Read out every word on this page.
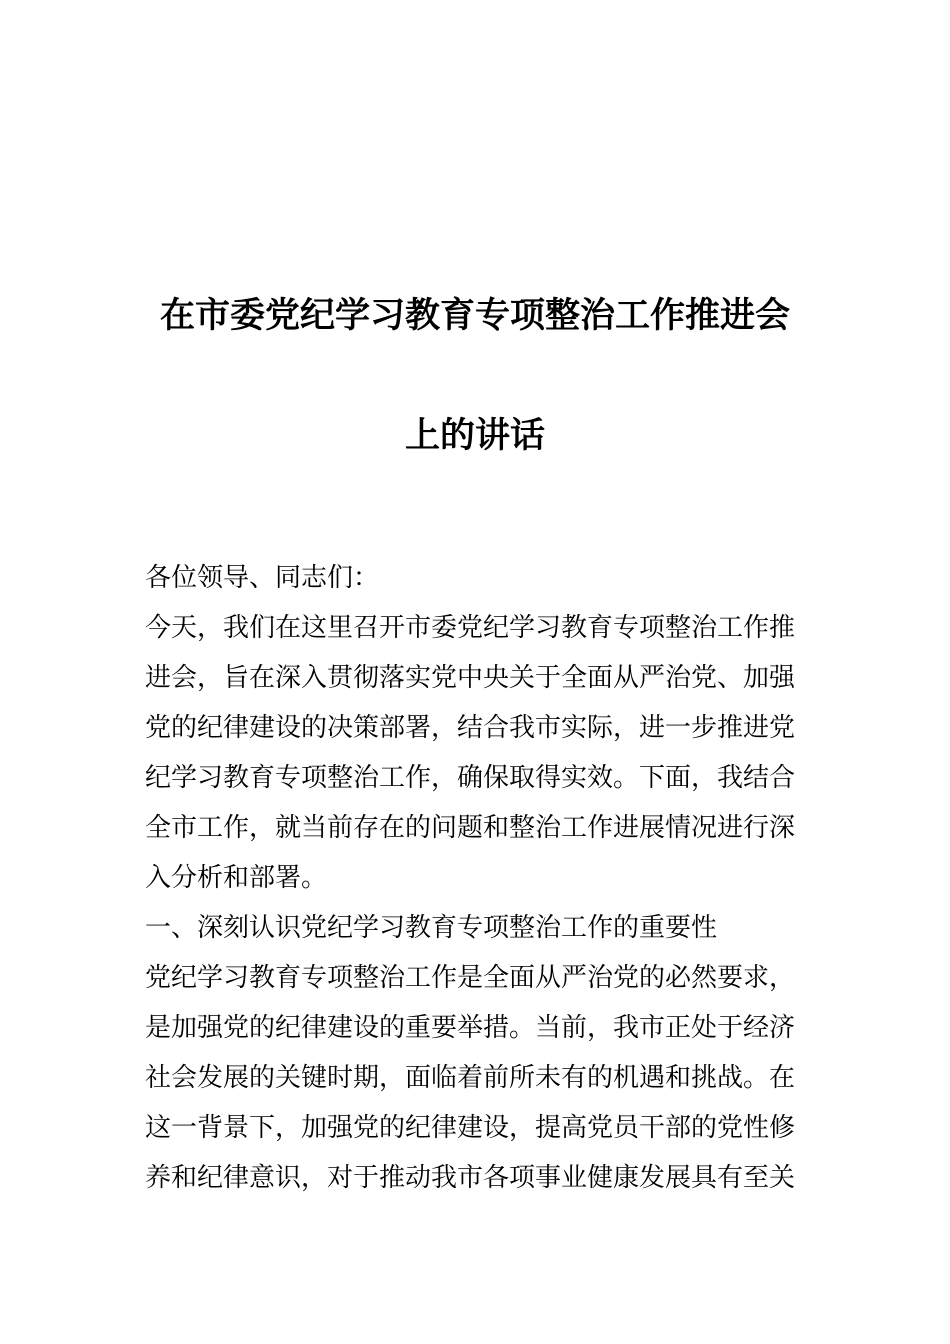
在市委党纪学习教育专项整治工作推进会
上的讲话

各位领导、同志们：

今天，我们在这里召开市委党纪学习教育专项整治工作推

进会，旨在深入贯彻落实党中央关于全面从严治党、加强

党的纪律建设的决策部署，结合我市实际，进一步推进党

纪学习教育专项整治工作，确保取得实效。下面，我结合

全市工作，就当前存在的问题和整治工作进展情况进行深

入分析和部署。

一、深刻认识党纪学习教育专项整治工作的重要性

党纪学习教育专项整治工作是全面从严治党的必然要求，

是加强党的纪律建设的重要举措。当前，我市正处于经济

社会发展的关键时期，面临着前所未有的机遇和挑战。在

这一背景下，加强党的纪律建设，提高党员干部的党性修

养和纪律意识，对于推动我市各项事业健康发展具有至关
